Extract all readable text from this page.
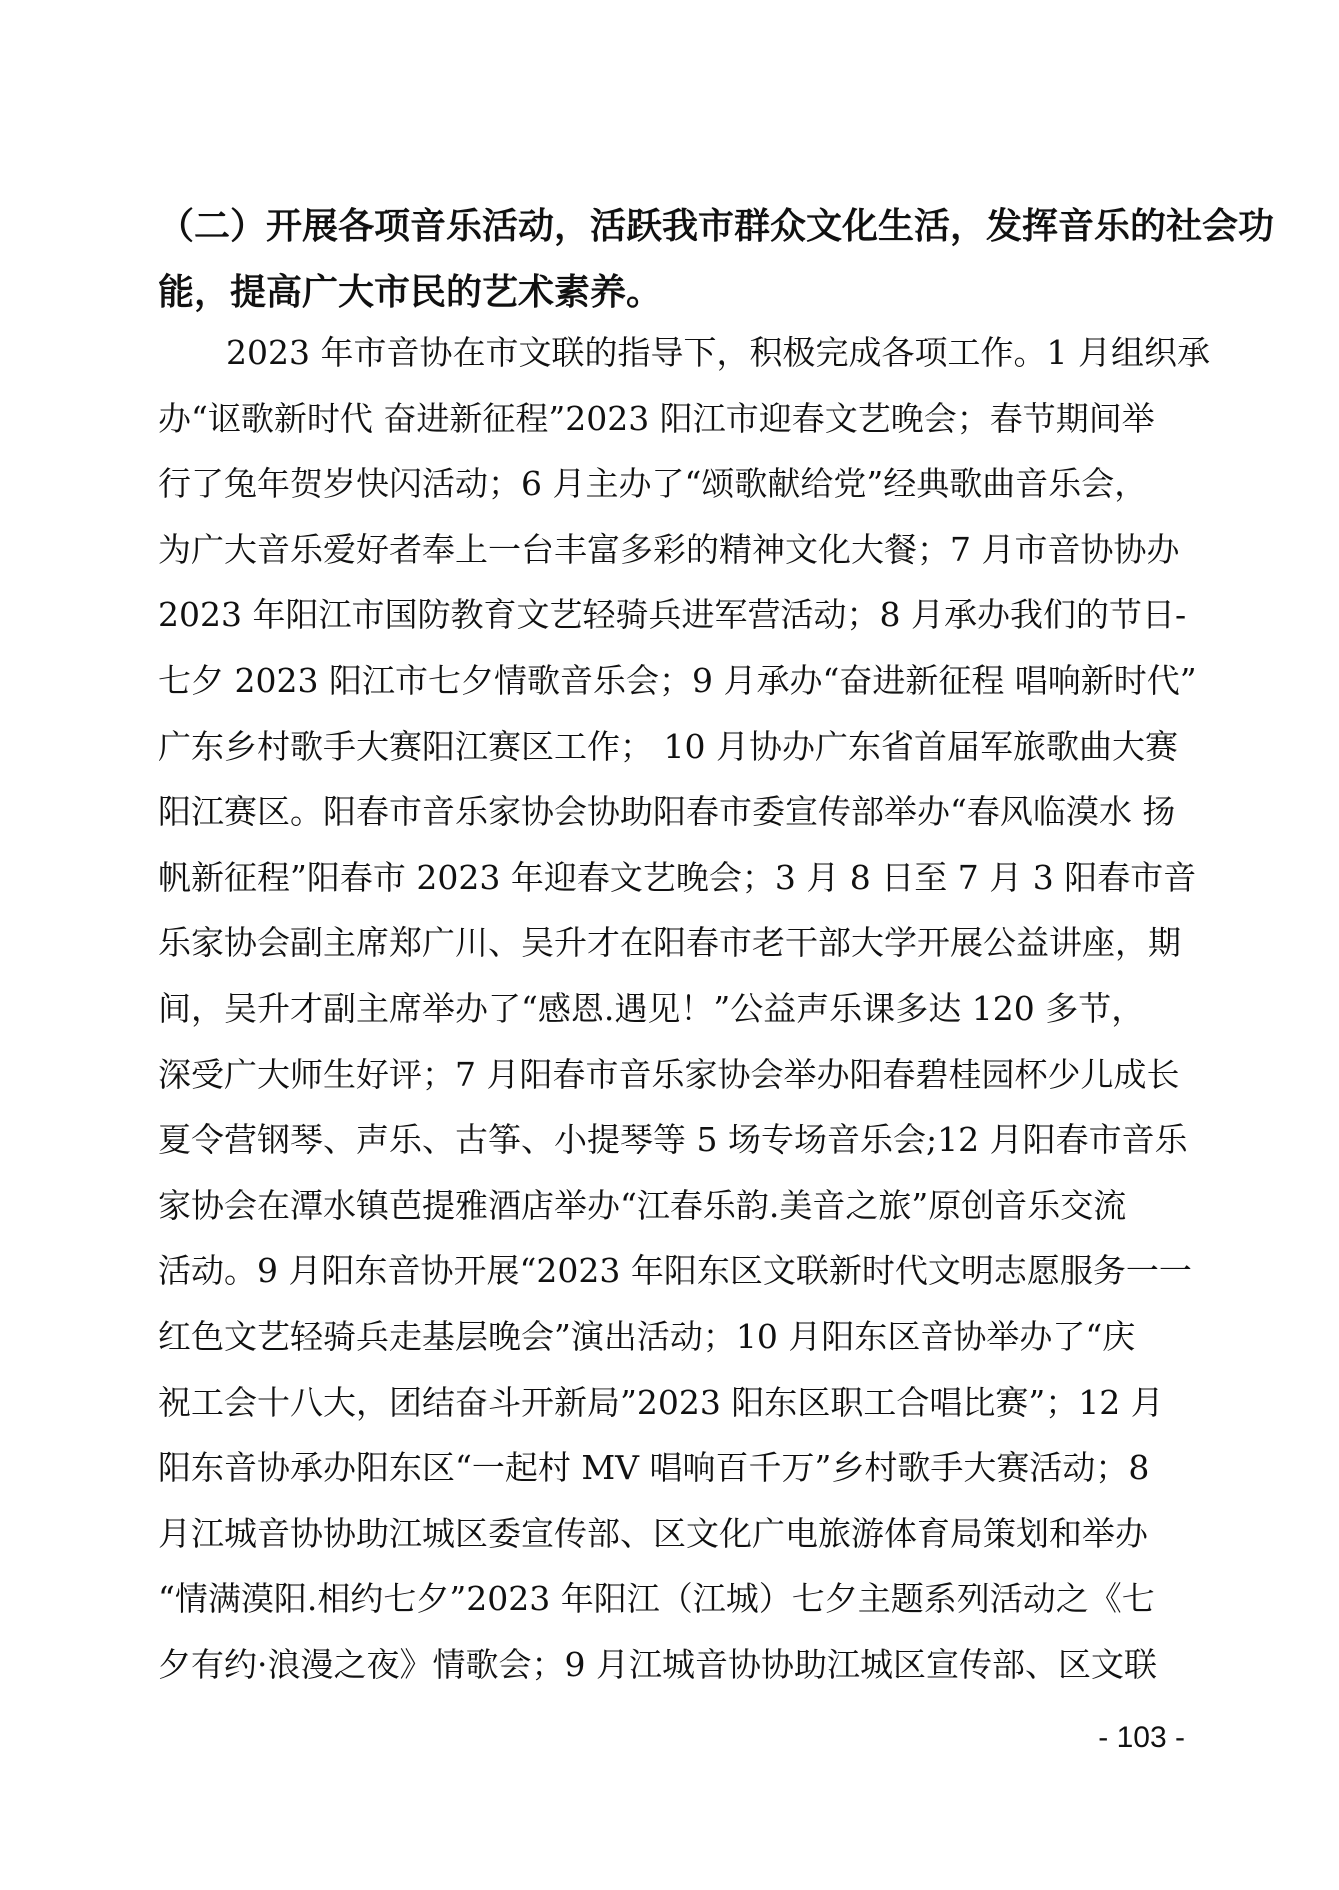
（二）开展各项音乐活动，活跃我市群众文化生活，发挥音乐的社会功
能，提高广大市民的艺术素养。
2023 年市音协在市文联的指导下，积极完成各项工作。1 月组织承
办“讴歌新时代 奋进新征程”2023 阳江市迎春文艺晚会；春节期间举
行了兔年贺岁快闪活动；6 月主办了“颂歌献给党”经典歌曲音乐会，
为广大音乐爱好者奉上一台丰富多彩的精神文化大餐；7 月市音协协办
2023 年阳江市国防教育文艺轻骑兵进军营活动；8 月承办我们的节日-
七夕 2023 阳江市七夕情歌音乐会；9 月承办“奋进新征程 唱响新时代”
广东乡村歌手大赛阳江赛区工作； 10 月协办广东省首届军旅歌曲大赛
阳江赛区。阳春市音乐家协会协助阳春市委宣传部举办“春风临漠水 扬
帆新征程”阳春市 2023 年迎春文艺晚会；3 月 8 日至 7 月 3 阳春市音
乐家协会副主席郑广川、吴升才在阳春市老干部大学开展公益讲座，期
间，吴升才副主席举办了“感恩.遇见！”公益声乐课多达 120 多节，
深受广大师生好评；7 月阳春市音乐家协会举办阳春碧桂园杯少儿成长
夏令营钢琴、声乐、古筝、小提琴等 5 场专场音乐会;12 月阳春市音乐
家协会在潭水镇芭提雅酒店举办“江春乐韵.美音之旅”原创音乐交流
活动。9 月阳东音协开展“2023 年阳东区文联新时代文明志愿服务一一
红色文艺轻骑兵走基层晚会”演出活动；10 月阳东区音协举办了“庆
祝工会十八大，团结奋斗开新局”2023 阳东区职工合唱比赛”；12 月
阳东音协承办阳东区“一起村 MV 唱响百千万”乡村歌手大赛活动；8
月江城音协协助江城区委宣传部、区文化广电旅游体育局策划和举办
“情满漠阳.相约七夕”2023 年阳江（江城）七夕主题系列活动之《七
夕有约·浪漫之夜》情歌会；9 月江城音协协助江城区宣传部、区文联
- 103 -
